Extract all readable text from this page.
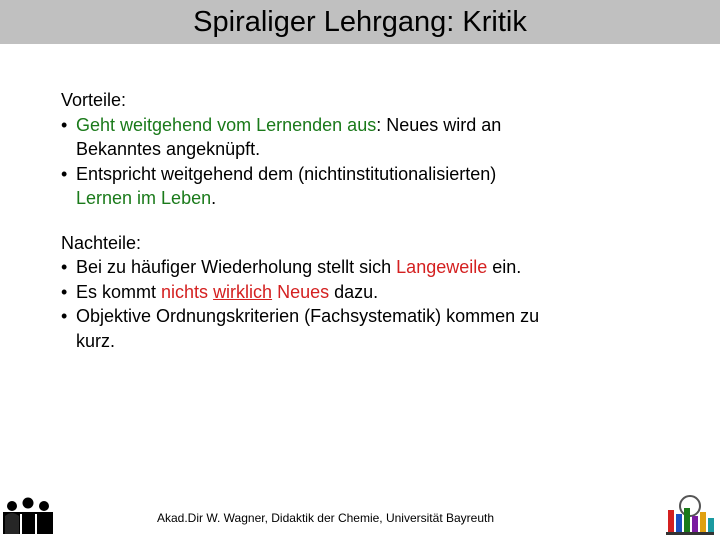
Spiraliger Lehrgang: Kritik
Vorteile:
• Geht weitgehend vom Lernenden aus: Neues wird an
Bekanntes angeknüpft.
• Entspricht weitgehend dem (nichtinstitutionalisierten)
Lernen im Leben.
Nachteile:
• Bei zu häufiger Wiederholung stellt sich Langeweile ein.
• Es kommt nichts wirklich Neues dazu.
• Objektive Ordnungskriterien (Fachsystematik) kommen zu
kurz.
Akad.Dir W. Wagner, Didaktik der Chemie, Universität Bayreuth
